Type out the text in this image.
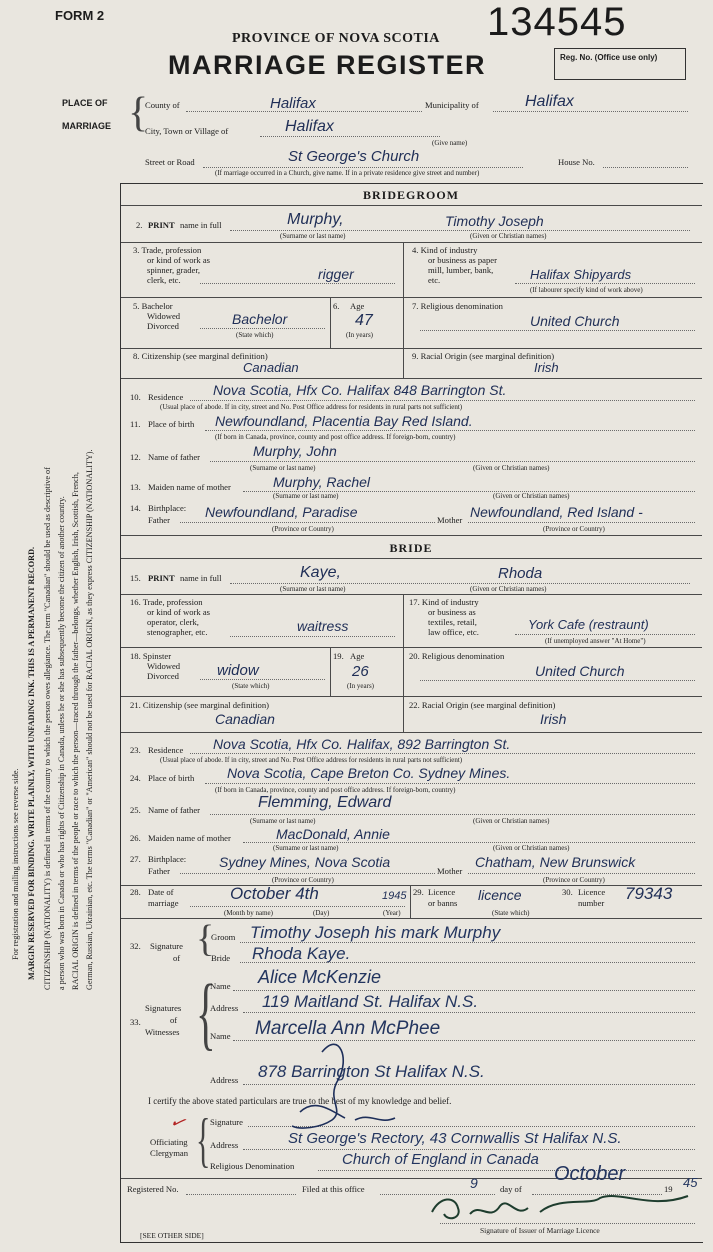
FORM 2	134545
PROVINCE OF NOVA SCOTIA
MARRIAGE REGISTER	Reg. No. (Office use only)
PLACE OF
MARRIAGE {
County of	Halifax	Municipality of	Halifax
City, Town or Village of	Halifax
(Give name)
Street or Road	St George's Church	House No.
(If marriage occurred in a Church, give name. If in a private residence give street and number)
For registration and mailing instructions see reverse side. MARGIN RESERVED FOR BINDING. WRITE PLAINLY, WITH UNFADING INK. THIS IS A PERMANENT RECORD. CITIZENSHIP (NATIONALITY) is defined in terms of the country to which the person owes allegiance. The term "Canadian" should be used as descriptive of a person who was born in Canada or who has rights of Citizenship in Canada, unless he or she has subsequently become the citizen of another country. RACIAL ORIGIN is defined in terms of the people or race to which the person—traced through the father—belongs, whether English, Irish, Scottish, French, German, Russian, Ukrainian, etc. The terms "Canadian" or "American" should not be used for RACIAL ORIGIN, as they express CITIZENSHIP (NATIONALITY).
BRIDEGROOM
2. PRINT name in full	Murphy,	Timothy Joseph
(Surname or last name)	(Given or Christian names)
3. Trade, profession
or kind of work as
spinner, grader,
clerk, etc.	rigger
4. Kind of industry
or business as paper
mill, lumber, bank,
etc.	Halifax Shipyards
(If labourer specify kind of work above)
5. Bachelor
Widowed
Divorced	Bachelor
(State which)
6. Age
47
(In years)
7. Religious denomination
United Church
8. Citizenship (see marginal definition)
Canadian
9. Racial Origin (see marginal definition)
Irish
10. Residence Nova Scotia, Hfx Co. Halifax 848 Barrington St.
(Usual place of abode. If in city, street and No. Post Office address for residents in rural parts not sufficient)
11. Place of birth Newfoundland, Placentia Bay Red Island.
(If born in Canada, province, county and post office address. If foreign-born, country)
12. Name of father	Murphy, John
(Surname or last name)	(Given or Christian names)
13. Maiden name of mother	Murphy, Rachel
(Surname or last name)	(Given or Christian names)
14. Birthplace:
Father	Newfoundland, Paradise	Mother Newfoundland, Red Island -
(Province or Country)	(Province or Country)
BRIDE
15. PRINT name in full	Kaye,	Rhoda
(Surname or last name)	(Given or Christian names)
16. Trade, profession
or kind of work as
operator, clerk,
stenographer, etc.	waitress
17. Kind of industry
or business as
textiles, retail,
law office, etc.	York Cafe (restraunt)
(If unemployed answer "At Home")
18. Spinster
Widowed
Divorced	widow
(State which)
19. Age
26
(In years)
20. Religious denomination
United Church
21. Citizenship (see marginal definition)
Canadian
22. Racial Origin (see marginal definition)
Irish
23. Residence Nova Scotia, Hfx Co. Halifax, 892 Barrington St.
(Usual place of abode. If in city, street and No. Post Office address for residents in rural parts not sufficient)
24. Place of birth Nova Scotia, Cape Breton Co. Sydney Mines.
(If born in Canada, province, county and post office address. If foreign-born, country)
25. Name of father	Flemming, Edward
(Surname or last name)	(Given or Christian names)
26. Maiden name of mother	MacDonald, Annie
(Surname or last name)	(Given or Christian names)
27. Birthplace:
Father
Sydney Mines, Nova Scotia
Mother
Chatham, New Brunswick
(Province or Country)	(Province or Country)
28. Date of
marriage	October 4th	1945
(Month by name)	(Day)	(Year)
29. Licence
or banns licence
(State which)
30. Licence
number 79343
32. Signature
of {
Groom Timothy Joseph his mark Murphy
Bride Rhoda Kaye.
33.
Signatures
of
Witnesses {
Name Alice McKenzie
Address 119 Maitland St. Halifax N.S.
Name Marcella Ann McPhee
Address 878 Barrington St Halifax N.S.
I certify the above stated particulars are true to the best of my knowledge and belief.
✓
Officiating
Clergyman { Signature
Address	St George's Rectory, 43 Cornwallis St Halifax N.S.
Religious Denomination	Church of England in Canada
Registered No.	Filed at this office	9	day of
October
19 45
Signature of Issuer of Marriage Licence
[SEE OTHER SIDE]
